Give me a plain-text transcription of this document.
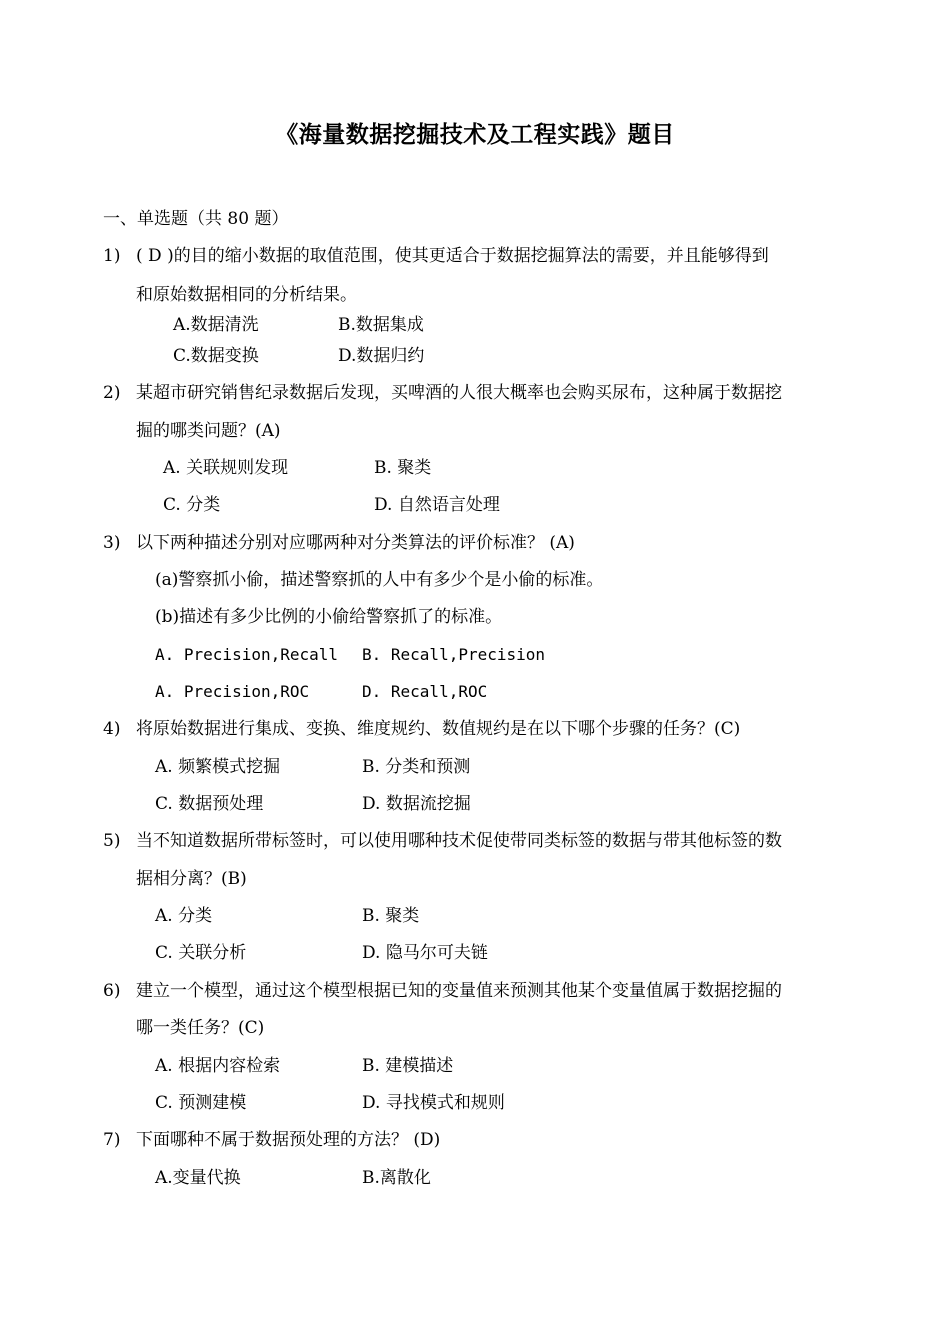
《海量数据挖掘技术及工程实践》题目
一、单选题（共 80 题）
1) ( D )的目的缩小数据的取值范围，使其更适合于数据挖掘算法的需要，并且能够得到
和原始数据相同的分析结果。
A.数据清洗	B.数据集成
C.数据变换	D.数据归约
2) 某超市研究销售纪录数据后发现，买啤酒的人很大概率也会购买尿布，这种属于数据挖
掘的哪类问题？(A)
A. 关联规则发现	B. 聚类
C. 分类	D. 自然语言处理
3) 以下两种描述分别对应哪两种对分类算法的评价标准？ (A)
(a)警察抓小偷，描述警察抓的人中有多少个是小偷的标准。
(b)描述有多少比例的小偷给警察抓了的标准。
A. Precision,Recall B. Recall,Precision
A. Precision,ROC	D. Recall,ROC
4) 将原始数据进行集成、变换、维度规约、数值规约是在以下哪个步骤的任务？(C)
A. 频繁模式挖掘	B. 分类和预测
C. 数据预处理	D. 数据流挖掘
5) 当不知道数据所带标签时，可以使用哪种技术促使带同类标签的数据与带其他标签的数
据相分离？(B)
A. 分类	B. 聚类
C. 关联分析	D. 隐马尔可夫链
6) 建立一个模型，通过这个模型根据已知的变量值来预测其他某个变量值属于数据挖掘的
哪一类任务？(C)
A. 根据内容检索	B. 建模描述
C. 预测建模	D. 寻找模式和规则
7) 下面哪种不属于数据预处理的方法？ (D)
A.变量代换	B.离散化
